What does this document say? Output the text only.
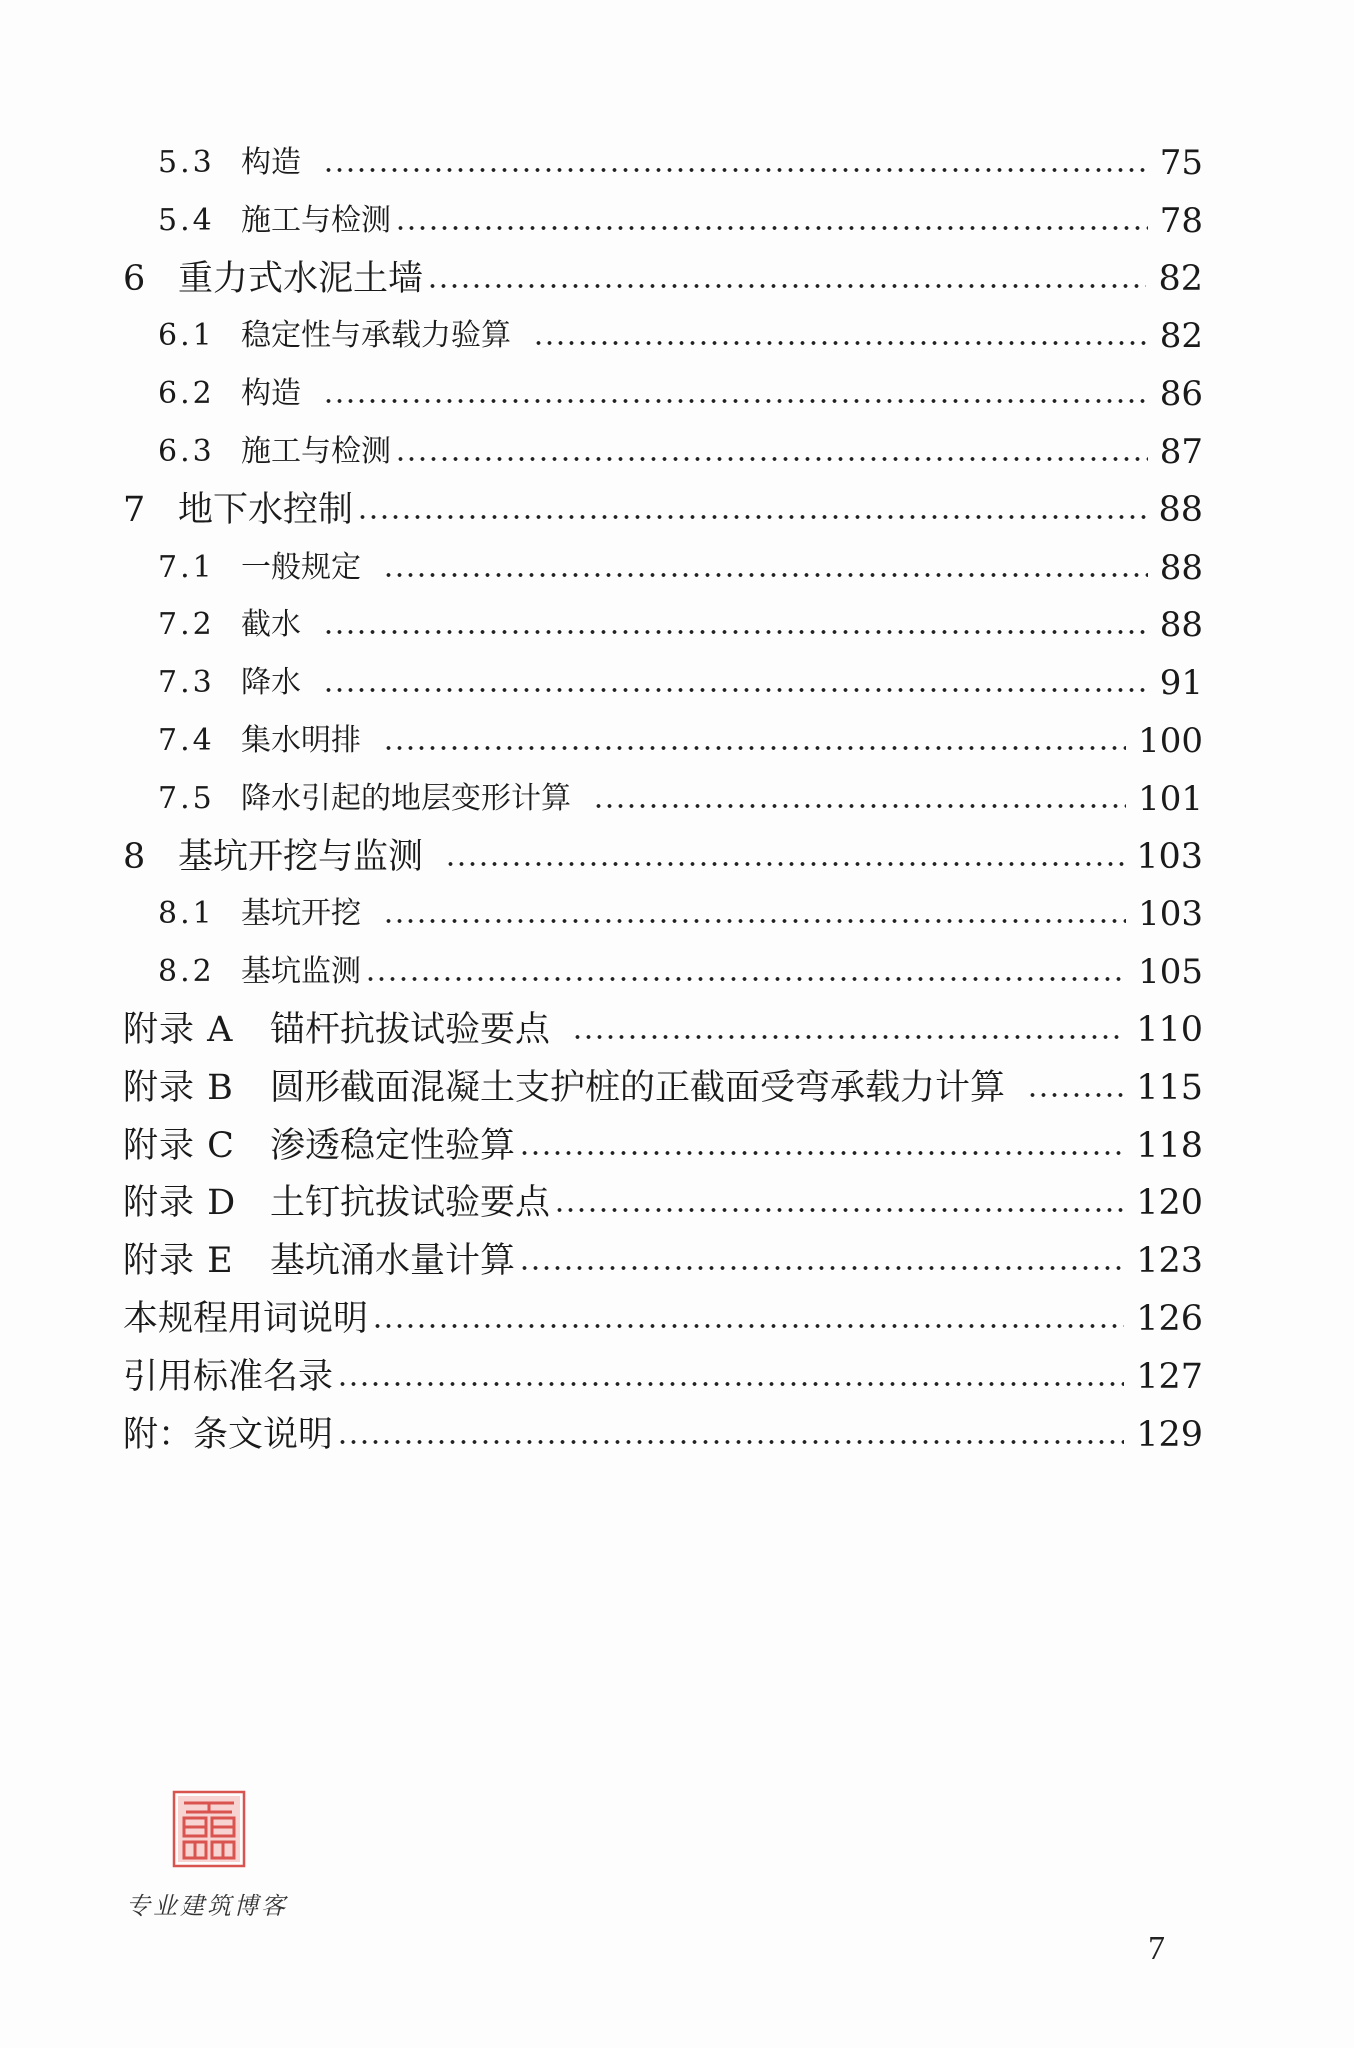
5.3 构造	75
5.4 施工与检测	78
6 重力式水泥土墙	82
6.1 稳定性与承载力验算	82
6.2 构造	86
6.3 施工与检测	87
7 地下水控制	88
7.1 一般规定	88
7.2 截水	88
7.3 降水	91
7.4 集水明排	100
7.5 降水引起的地层变形计算	101
8 基坑开挖与监测	103
8.1 基坑开挖	103
8.2 基坑监测	105
附录 A 锚杆抗拔试验要点	110
附录 B 圆形截面混凝土支护桩的正截面受弯承载力计算	115
附录 C 渗透稳定性验算	118
附录 D 土钉抗拔试验要点	120
附录 E 基坑涌水量计算	123
本规程用词说明	126
引用标准名录	127
附：条文说明	129
专业建筑博客
7
